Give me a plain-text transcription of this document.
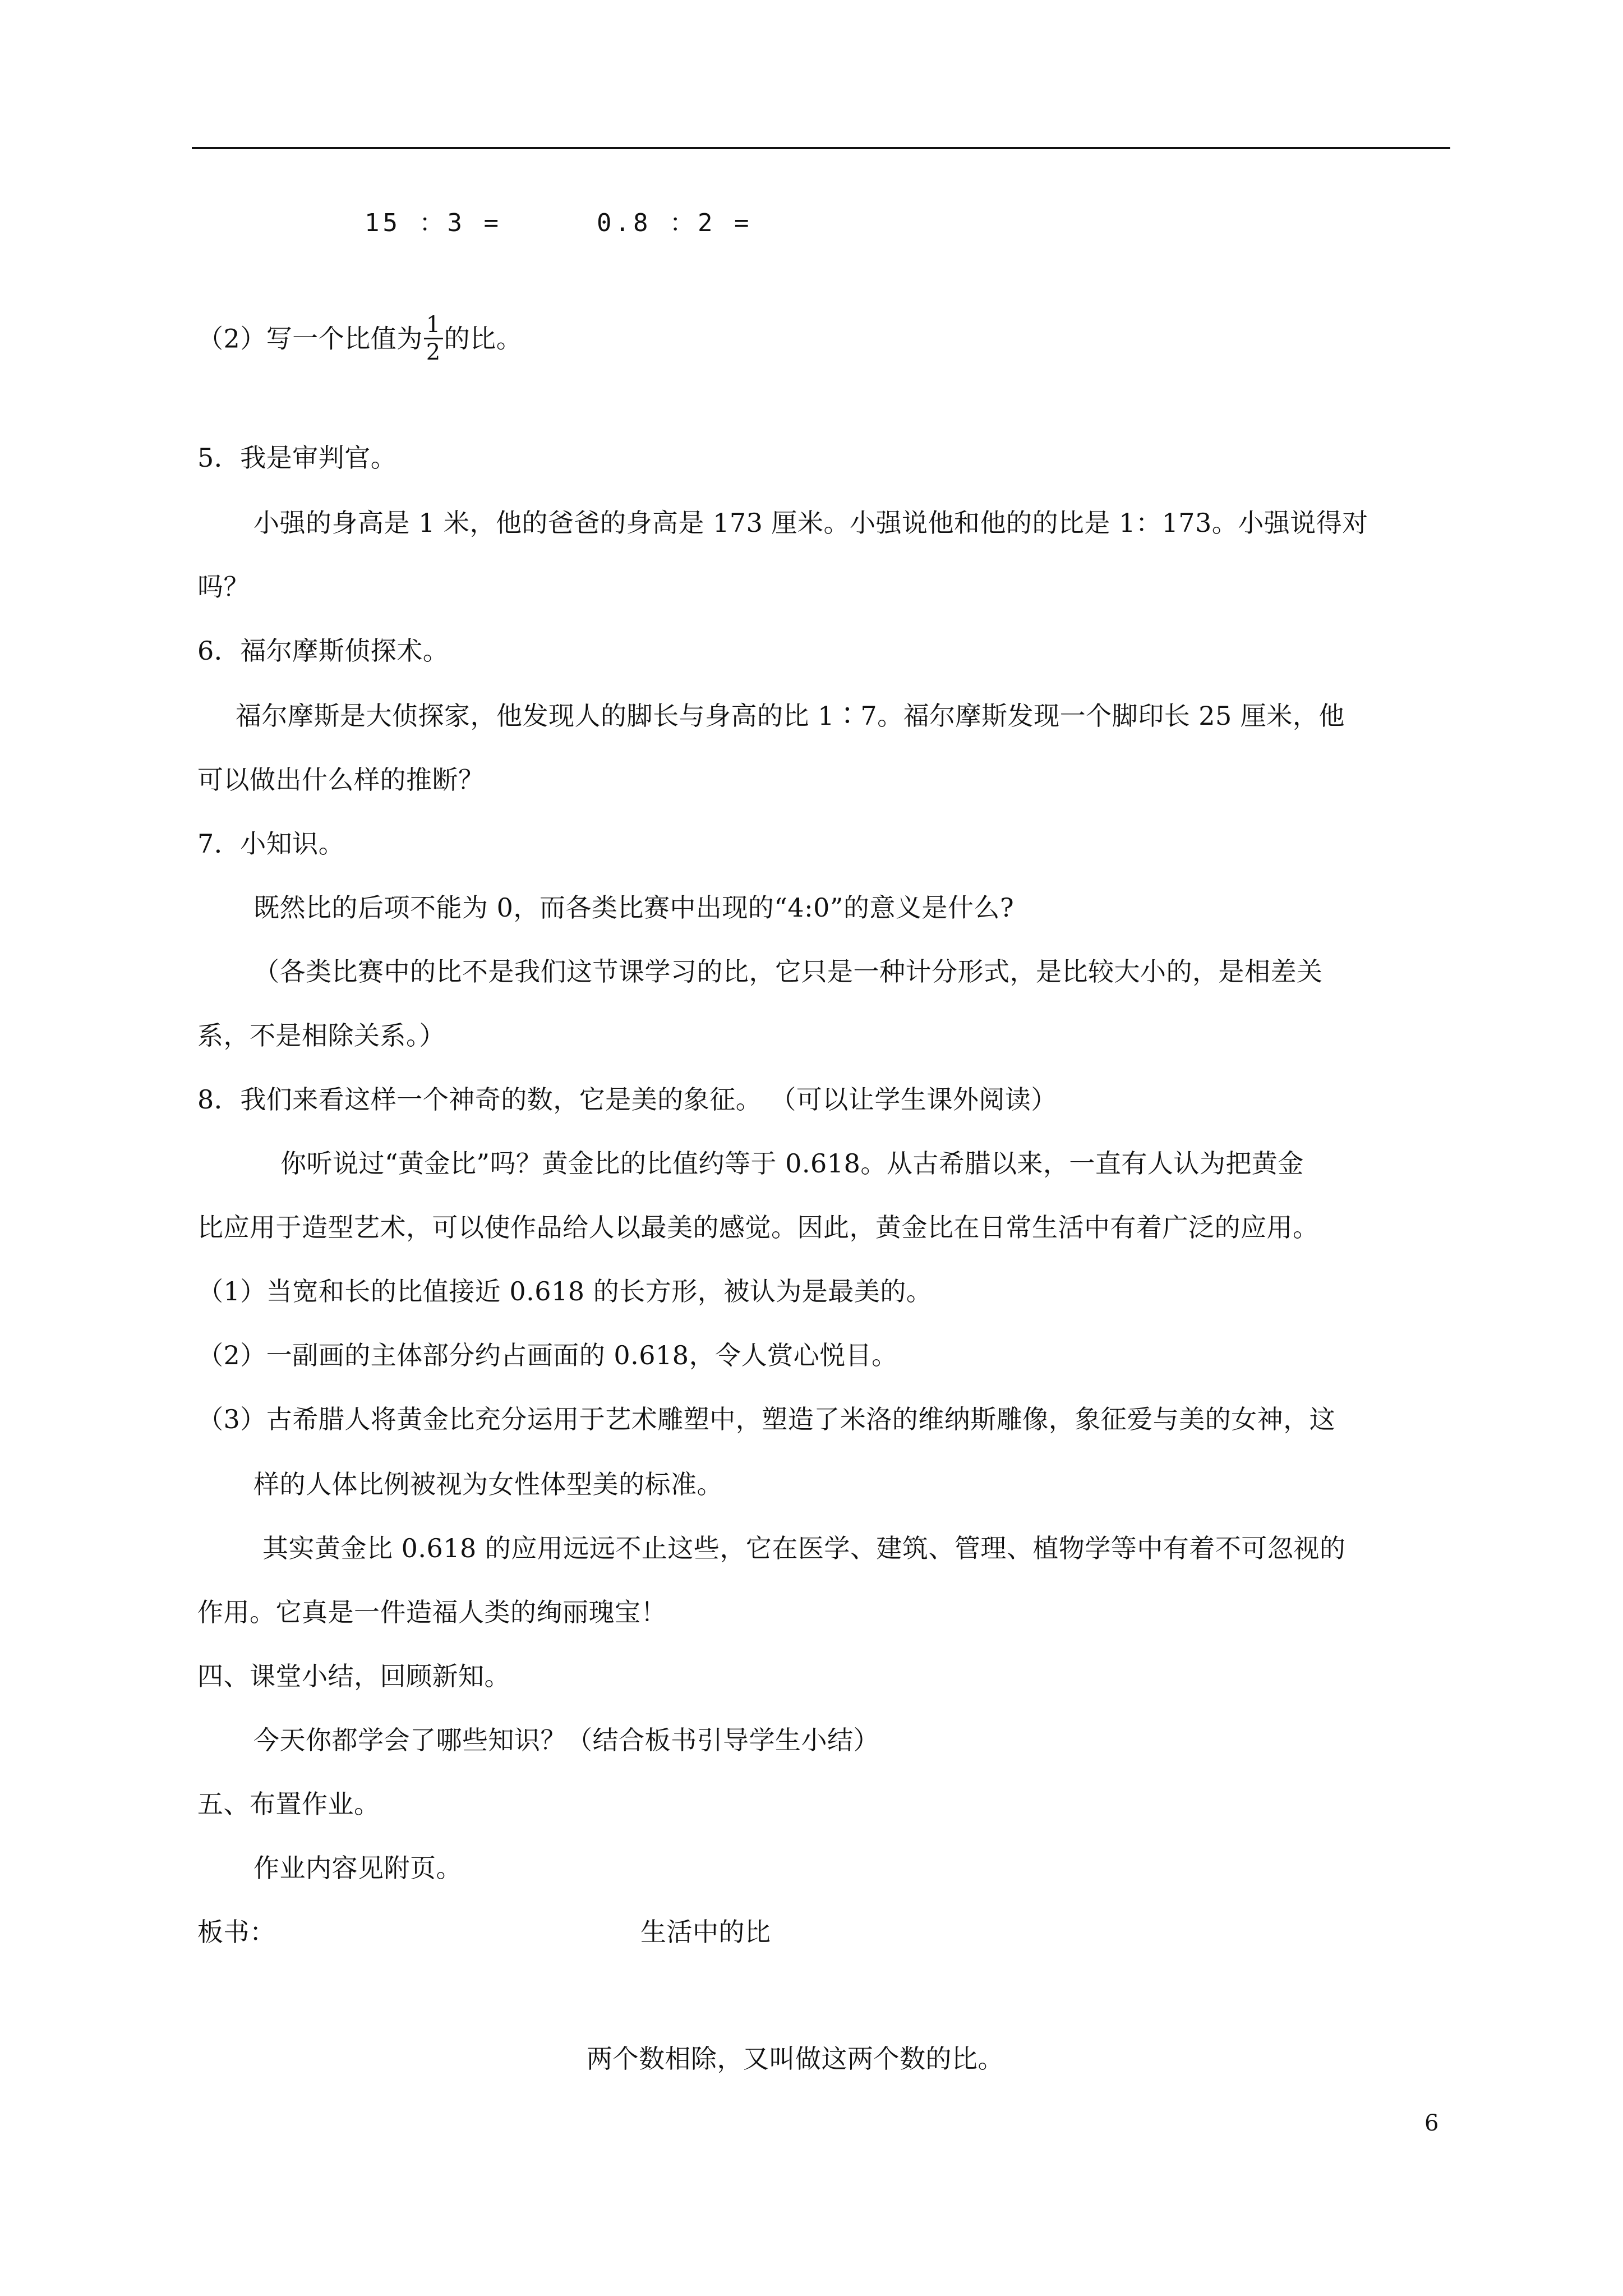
15 ：3 =	0.8 ：2 =
（2）写一个比值为 $\frac{1}{2}$ 的比。
5．我是审判官。
小强的身高是 1 米，他的爸爸的身高是 173 厘米。小强说他和他的的比是 1：173。小强说得对
吗？
6．福尔摩斯侦探术。
福尔摩斯是大侦探家，他发现人的脚长与身高的比 1∶7。福尔摩斯发现一个脚印长 25 厘米，他
可以做出什么样的推断？
7．小知识。
既然比的后项不能为 0，而各类比赛中出现的“4:0”的意义是什么?
（各类比赛中的比不是我们这节课学习的比，它只是一种计分形式，是比较大小的，是相差关
系，不是相除关系。）
8．我们来看这样一个神奇的数，它是美的象征。 （可以让学生课外阅读）
你听说过“黄金比”吗？黄金比的比值约等于 0.618。从古希腊以来，一直有人认为把黄金
比应用于造型艺术，可以使作品给人以最美的感觉。因此，黄金比在日常生活中有着广泛的应用。
（1）当宽和长的比值接近 0.618 的长方形，被认为是最美的。
（2）一副画的主体部分约占画面的 0.618，令人赏心悦目。
（3）古希腊人将黄金比充分运用于艺术雕塑中，塑造了米洛的维纳斯雕像，象征爱与美的女神，这
样的人体比例被视为女性体型美的标准。
其实黄金比 0.618 的应用远远不止这些，它在医学、建筑、管理、植物学等中有着不可忽视的
作用。它真是一件造福人类的绚丽瑰宝！
四、课堂小结，回顾新知。
今天你都学会了哪些知识？（结合板书引导学生小结）
五、布置作业。
作业内容见附页。
板书：	生活中的比
两个数相除，又叫做这两个数的比。
6
